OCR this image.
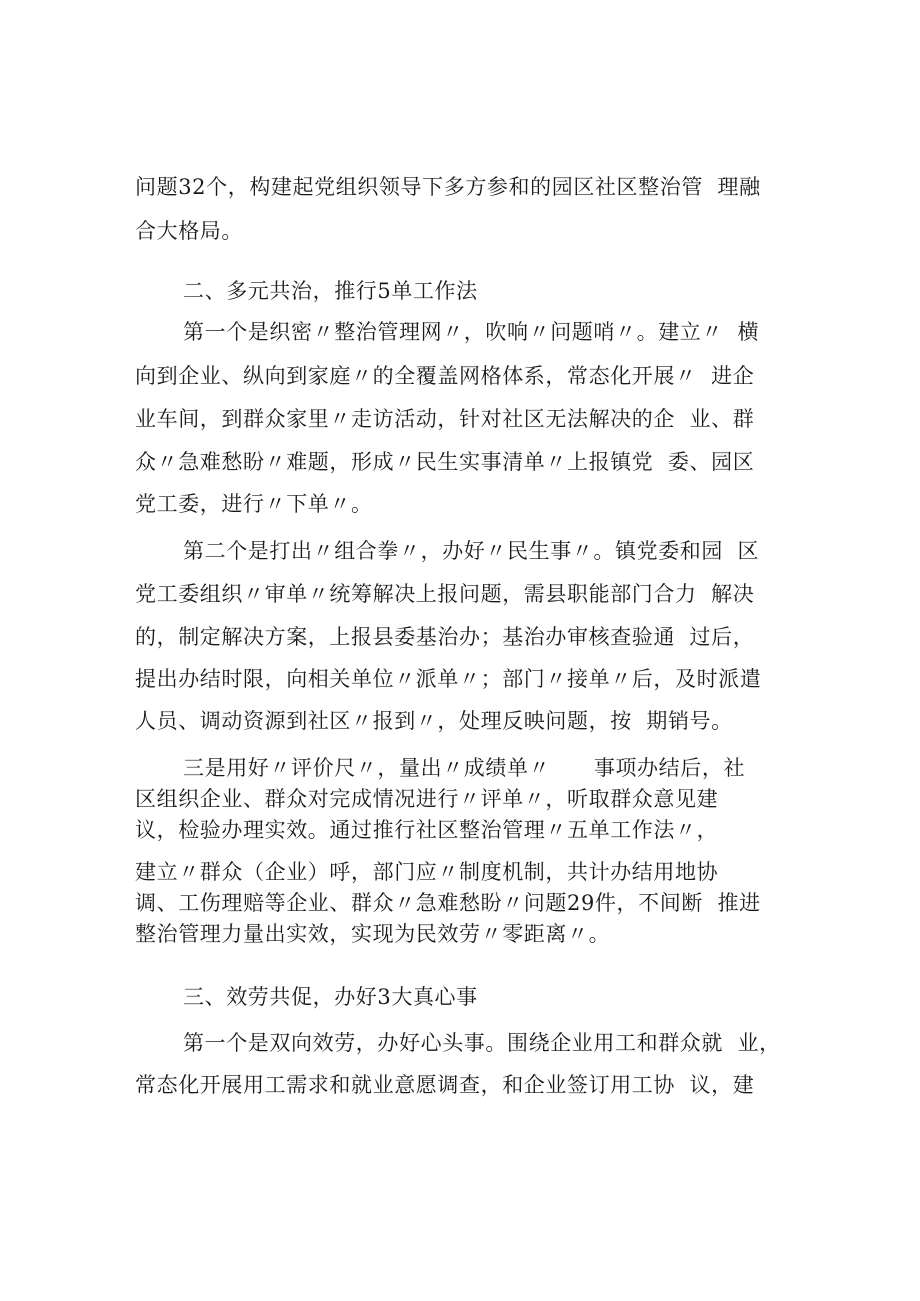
问题32个，构建起党组织领导下多方参和的园区社区整治管  理融
合大格局。
二、多元共治，推行5单工作法
第一个是织密〃整治管理网〃，吹响〃问题哨〃。建立〃  横
向到企业、纵向到家庭〃的全覆盖网格体系，常态化开展〃  进企
业车间，到群众家里〃走访活动，针对社区无法解决的企  业、群
众〃急难愁盼〃难题，形成〃民生实事清单〃上报镇党  委、园区
党工委，进行〃下单〃。
第二个是打出〃组合拳〃，办好〃民生事〃。镇党委和园  区
党工委组织〃审单〃统筹解决上报问题，需县职能部门合力  解决
的，制定解决方案，上报县委基治办；基治办审核查验通  过后，
提出办结时限，向相关单位〃派单〃；部门〃接单〃后，及时派遣
人员、调动资源到社区〃报到〃，处理反映问题，按  期销号。
三是用好〃评价尺〃，量出〃成绩单〃      事项办结后，社
区组织企业、群众对完成情况进行〃评单〃，听取群众意见建
议，检验办理实效。通过推行社区整治管理〃五单工作法〃，
建立〃群众（企业）呼，部门应〃制度机制，共计办结用地协
调、工伤理赔等企业、群众〃急难愁盼〃问题29件，不间断  推进
整治管理力量出实效，实现为民效劳〃零距离〃。
三、效劳共促，办好3大真心事
第一个是双向效劳，办好心头事。围绕企业用工和群众就  业，
常态化开展用工需求和就业意愿调查，和企业签订用工协  议，建
